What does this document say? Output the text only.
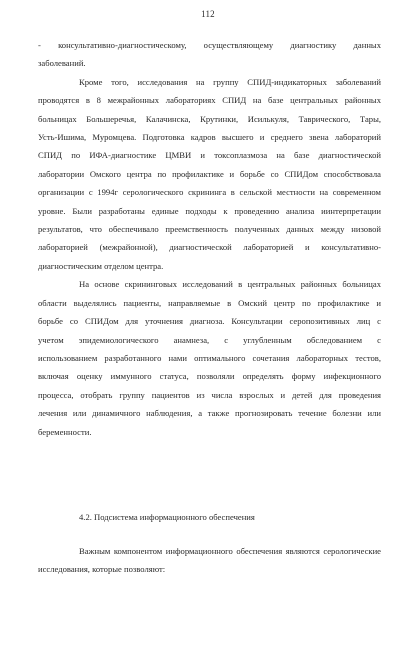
112

- консультативно-диагностическому, осуществляющему диагностику данных
заболеваний.

Кроме того, исследования на группу СПИД-индикаторных заболеваний
проводятся в 8 межрайонных лабораториях СПИД на базе центральных районных
больницах Большеречья, Калачинска, Крутинки, Исилькуля, Таврического, Тары,
Усть-Ишима, Муромцева. Подготовка кадров высшего и среднего звена лабораторий
СПИД по ИФА-диагностике ЦМВИ и токсоплазмоза на базе диагностической
лаборатории Омского центра по профилактике и борьбе со СПИДом способствовала
организации с 1994г серологического скрининга в сельской местности на современном
уровне. Были разработаны единые подходы к проведению анализа иинтерпретации
результатов, что обеспечивало преемственность полученных данных между низовой
лабораторией (межрайонной), диагностической лабораторией и консультативно-
диагностическим отделом центра.

На основе скрининговых исследований в центральных районных больницах
области выделялись пациенты, направляемые в Омский центр по профилактике и
борьбе со СПИДом для уточнения диагноза. Консультации серопозитивных лиц с
учетом эпидемиологического анамнеза, с углубленным обследованием с
использованием разработанного нами оптимального сочетания лабораторных тестов,
включая оценку иммунного статуса, позволяли определять форму инфекционного
процесса, отобрать группу пациентов из числа взрослых и детей для проведения
лечения или динамичного наблюдения, а также прогнозировать течение болезни или
беременности.

4.2. Подсистема информационного обеспечения
Важным компонентом информационного обеспечения являются серологические
исследования, которые позволяют:
